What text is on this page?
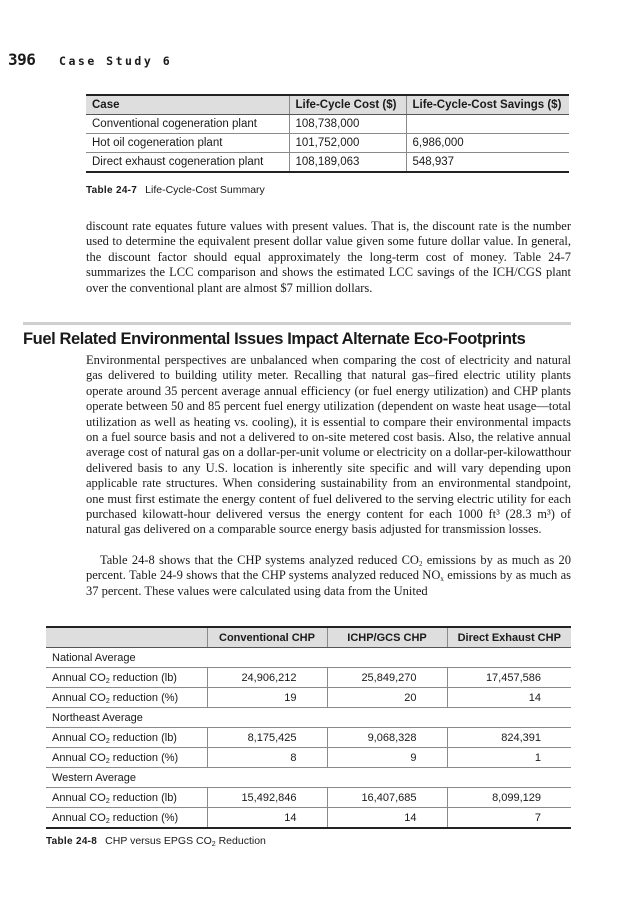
396 Case Study 6
Case	Life-Cycle Cost ($)	Life-Cycle-Cost Savings ($)
Conventional cogeneration plant	108,738,000	
Hot oil cogeneration plant	101,752,000	6,986,000
Direct exhaust cogeneration plant	108,189,063	548,937
Table 24-7 Life-Cycle-Cost Summary

discount rate equates future values with present values. That is, the discount rate is the number used to determine the equivalent present dollar value given some future dollar value. In general, the discount factor should equal approximately the long-term cost of money. Table 24-7 summarizes the LCC comparison and shows the estimated LCC savings of the ICH/CGS plant over the conventional plant are almost $7 million dollars.

Fuel Related Environmental Issues Impact Alternate Eco-Footprints

Environmental perspectives are unbalanced when comparing the cost of electricity and natural gas delivered to building utility meter. Recalling that natural gas–fired electric utility plants operate around 35 percent average annual efficiency (or fuel energy utilization) and CHP plants operate between 50 and 85 percent fuel energy utilization (dependent on waste heat usage—total utilization as well as heating vs. cooling), it is essential to compare their environmental impacts on a fuel source basis and not a delivered to on-site metered cost basis. Also, the relative annual average cost of natural gas on a dollar-per-unit volume or electricity on a dollar-per-kilowatthour delivered basis to any U.S. location is inherently site specific and will vary depending upon applicable rate structures. When considering sustainability from an environmental standpoint, one must first estimate the energy content of fuel delivered to the serving electric utility for each purchased kilowatt-hour delivered versus the energy content for each 1000 ft³ (28.3 m³) of natural gas delivered on a comparable source energy basis adjusted for transmission losses.

Table 24-8 shows that the CHP systems analyzed reduced $CO_2$ emissions by as much as 20 percent. Table 24-9 shows that the CHP systems analyzed reduced $NO_x$ emissions by as much as 37 percent. These values were calculated using data from the United

	Conventional CHP	ICHP/GCS CHP	Direct Exhaust CHP
National Average			
Annual $CO_2$ reduction (lb)	24,906,212	25,849,270	17,457,586
Annual $CO_2$ reduction (%)	19	20	14
Northeast Average			
Annual $CO_2$ reduction (lb)	8,175,425	9,068,328	824,391
Annual $CO_2$ reduction (%)	8	9	1
Western Average			
Annual $CO_2$ reduction (lb)	15,492,846	16,407,685	8,099,129
Annual $CO_2$ reduction (%)	14	14	7
Table 24-8 CHP versus EPGS $CO_2$ Reduction
